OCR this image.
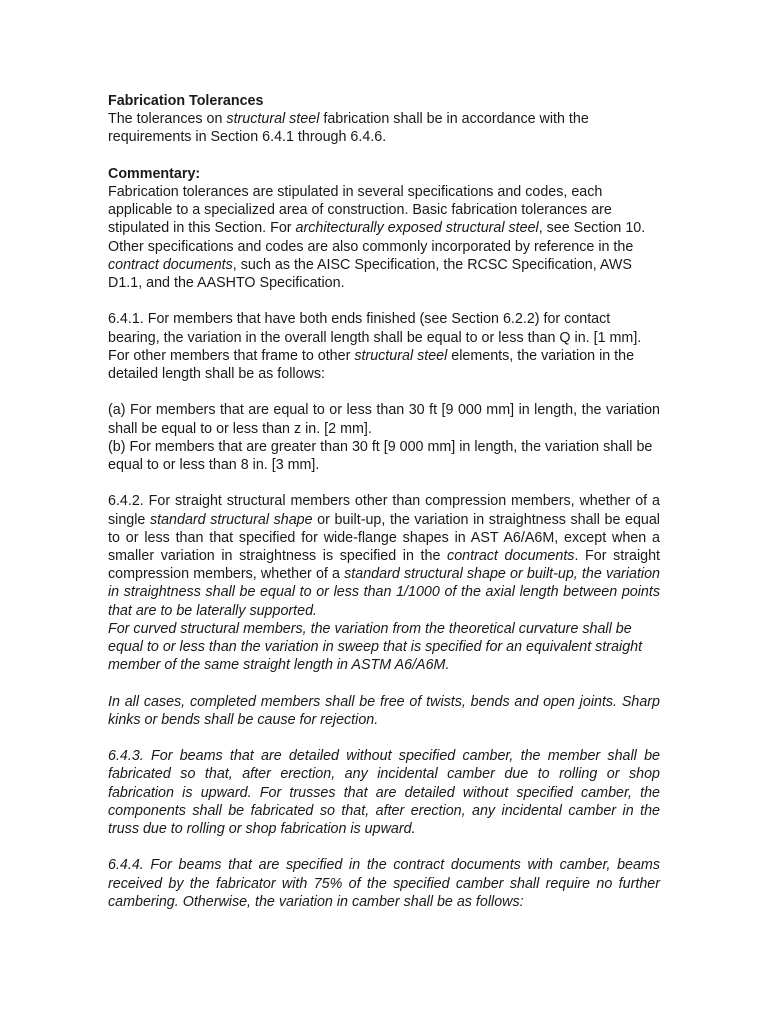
Fabrication Tolerances

The tolerances on structural steel fabrication shall be in accordance with the requirements in Section 6.4.1 through 6.4.6.

Commentary:

Fabrication tolerances are stipulated in several specifications and codes, each applicable to a specialized area of construction. Basic fabrication tolerances are stipulated in this Section. For architecturally exposed structural steel, see Section 10. Other specifications and codes are also commonly incorporated by reference in the contract documents, such as the AISC Specification, the RCSC Specification, AWS D1.1, and the AASHTO Specification.

6.4.1. For members that have both ends finished (see Section 6.2.2) for contact bearing, the variation in the overall length shall be equal to or less than Q in. [1 mm]. For other members that frame to other structural steel elements, the variation in the detailed length shall be as follows:

(a) For members that are equal to or less than 30 ft [9 000 mm] in length, the variation shall be equal to or less than z in. [2 mm].

(b) For members that are greater than 30 ft [9 000 mm] in length, the variation shall be equal to or less than 8 in. [3 mm].

6.4.2. For straight structural members other than compression members, whether of a single standard structural shape or built-up, the variation in straightness shall be equal to or less than that specified for wide-flange shapes in AST A6/A6M, except when a smaller variation in straightness is specified in the contract documents. For straight compression members, whether of a standard structural shape or built-up, the variation in straightness shall be equal to or less than 1/1000 of the axial length between points that are to be laterally supported.

For curved structural members, the variation from the theoretical curvature shall be equal to or less than the variation in sweep that is specified for an equivalent straight member of the same straight length in ASTM A6/A6M.

In all cases, completed members shall be free of twists, bends and open joints. Sharp kinks or bends shall be cause for rejection.

6.4.3. For beams that are detailed without specified camber, the member shall be fabricated so that, after erection, any incidental camber due to rolling or shop fabrication is upward. For trusses that are detailed without specified camber, the components shall be fabricated so that, after erection, any incidental camber in the truss due to rolling or shop fabrication is upward.

6.4.4. For beams that are specified in the contract documents with camber, beams received by the fabricator with 75% of the specified camber shall require no further cambering. Otherwise, the variation in camber shall be as follows:
